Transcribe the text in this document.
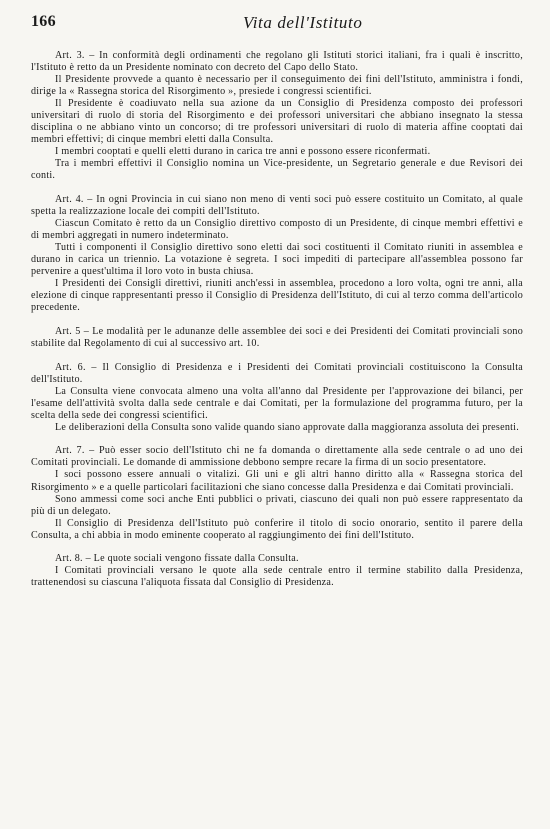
166	Vita dell'Istituto

Art. 3. – In conformità degli ordinamenti che regolano gli Istituti storici italiani, fra i quali è inscritto, l'Istituto è retto da un Presidente nominato con decreto del Capo dello Stato.

Il Presidente provvede a quanto è necessario per il conseguimento dei fini dell'Istituto, amministra i fondi, dirige la « Rassegna storica del Risorgimento », presiede i congressi scientifici.

Il Presidente è coadiuvato nella sua azione da un Consiglio di Presidenza composto dei professori universitari di ruolo di storia del Risorgimento e dei professori universitari che abbiano insegnato la stessa disciplina o ne abbiano vinto un concorso; di tre professori universitari di ruolo di materia affine cooptati dai membri effettivi; di cinque membri eletti dalla Consulta.

I membri cooptati e quelli eletti durano in carica tre anni e possono essere riconfermati.

Tra i membri effettivi il Consiglio nomina un Vice-presidente, un Segretario generale e due Revisori dei conti.

Art. 4. – In ogni Provincia in cui siano non meno di venti soci può essere costituito un Comitato, al quale spetta la realizzazione locale dei compiti dell'Istituto.

Ciascun Comitato è retto da un Consiglio direttivo composto di un Presidente, di cinque membri effettivi e di membri aggregati in numero indeterminato.

Tutti i componenti il Consiglio direttivo sono eletti dai soci costituenti il Comitato riuniti in assemblea e durano in carica un triennio. La votazione è segreta. I soci impediti di partecipare all'assemblea possono far pervenire a quest'ultima il loro voto in busta chiusa.

I Presidenti dei Consigli direttivi, riuniti anch'essi in assemblea, procedono a loro volta, ogni tre anni, alla elezione di cinque rappresentanti presso il Consiglio di Presidenza dell'Istituto, di cui al terzo comma dell'articolo precedente.

Art. 5 – Le modalità per le adunanze delle assemblee dei soci e dei Presidenti dei Comitati provinciali sono stabilite dal Regolamento di cui al successivo art. 10.

Art. 6. – Il Consiglio di Presidenza e i Presidenti dei Comitati provinciali costituiscono la Consulta dell'Istituto.

La Consulta viene convocata almeno una volta all'anno dal Presidente per l'approvazione dei bilanci, per l'esame dell'attività svolta dalla sede centrale e dai Comitati, per la formulazione del programma futuro, per la scelta della sede dei congressi scientifici.

Le deliberazioni della Consulta sono valide quando siano approvate dalla maggioranza assoluta dei presenti.

Art. 7. – Può esser socio dell'Istituto chi ne fa domanda o direttamente alla sede centrale o ad uno dei Comitati provinciali. Le domande di ammissione debbono sempre recare la firma di un socio presentatore.

I soci possono essere annuali o vitalizi. Gli uni e gli altri hanno diritto alla « Rassegna storica del Risorgimento » e a quelle particolari facilitazioni che siano concesse dalla Presidenza e dai Comitati provinciali.

Sono ammessi come soci anche Enti pubblici o privati, ciascuno dei quali non può essere rappresentato da più di un delegato.

Il Consiglio di Presidenza dell'Istituto può conferire il titolo di socio onorario, sentito il parere della Consulta, a chi abbia in modo eminente cooperato al raggiungimento dei fini dell'Istituto.

Art. 8. – Le quote sociali vengono fissate dalla Consulta.

I Comitati provinciali versano le quote alla sede centrale entro il termine stabilito dalla Presidenza, trattenendosi su ciascuna l'aliquota fissata dal Consiglio di Presidenza.
